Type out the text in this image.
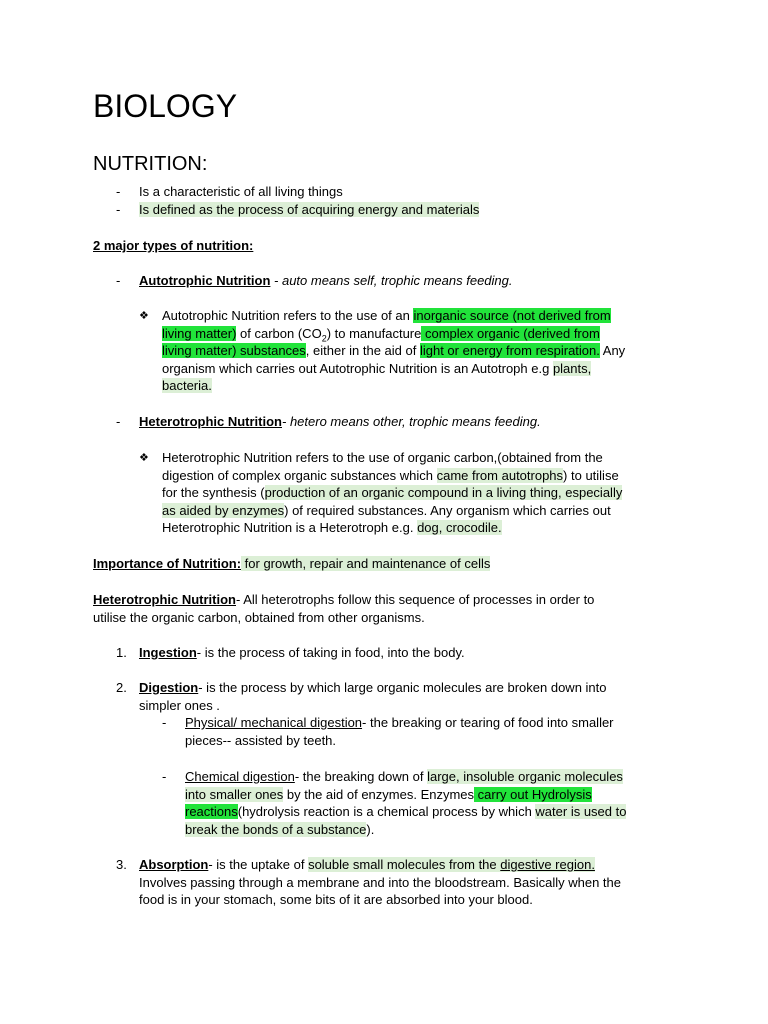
BIOLOGY
NUTRITION:
- Is a characteristic of all living things
- Is defined as the process of acquiring energy and materials
2 major types of nutrition:
- Autotrophic Nutrition - auto means self, trophic means feeding.
❖ Autotrophic Nutrition refers to the use of an inorganic source (not derived from
living matter) of carbon $(CO_2)$ to manufacture complex organic (derived from
living matter) substances, either in the aid of light or energy from respiration. Any
organism which carries out Autotrophic Nutrition is an Autotroph e.g plants,
bacteria.
- Heterotrophic Nutrition- hetero means other, trophic means feeding.
❖ Heterotrophic Nutrition refers to the use of organic carbon,(obtained from the
digestion of complex organic substances which came from autotrophs) to utilise
for the synthesis (production of an organic compound in a living thing, especially
as aided by enzymes) of required substances. Any organism which carries out
Heterotrophic Nutrition is a Heterotroph e.g. dog, crocodile.
Importance of Nutrition: for growth, repair and maintenance of cells
Heterotrophic Nutrition- All heterotrophs follow this sequence of processes in order to
utilise the organic carbon, obtained from other organisms.
1. Ingestion- is the process of taking in food, into the body.
2. Digestion- is the process by which large organic molecules are broken down into
simpler ones .
- Physical/ mechanical digestion- the breaking or tearing of food into smaller
pieces-- assisted by teeth.
- Chemical digestion- the breaking down of large, insoluble organic molecules
into smaller ones by the aid of enzymes. Enzymes carry out Hydrolysis
reactions(hydrolysis reaction is a chemical process by which water is used to
break the bonds of a substance).
3. Absorption- is the uptake of soluble small molecules from the digestive region.
Involves passing through a membrane and into the bloodstream. Basically when the
food is in your stomach, some bits of it are absorbed into your blood.
